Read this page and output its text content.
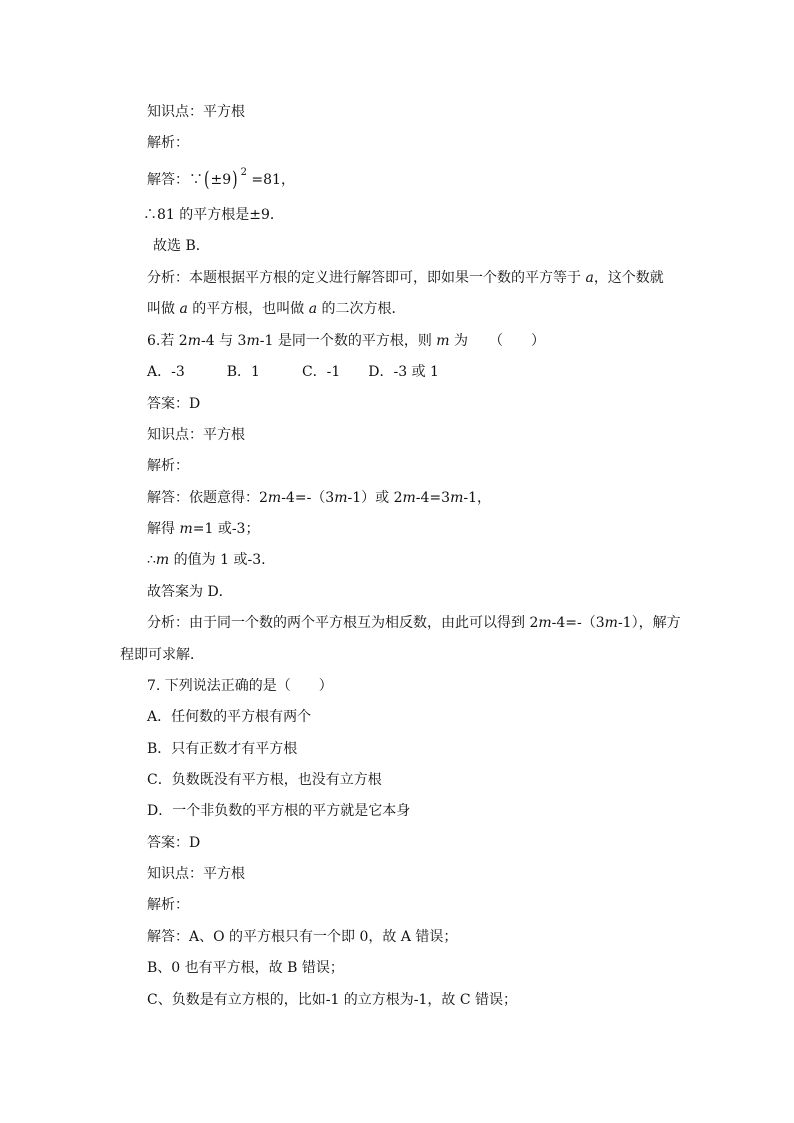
知识点：平方根
解析：
解答：∵(±9) $^2$ =81，
∴81 的平方根是±9．
故选 B．
分析：本题根据平方根的定义进行解答即可，即如果一个数的平方等于 a，这个数就
叫做 a 的平方根，也叫做 a 的二次方根．
6.若 2m-4 与 3m-1 是同一个数的平方根，则 m 为　　（　　）
A．-3　　　B．1　　　C．-1　　D．-3 或 1
答案：D
知识点：平方根
解析：
解答：依题意得：2m-4=-（3m-1）或 2m-4=3m-1，
解得 m=1 或-3；
∴m 的值为 1 或-3.
故答案为 D．
分析：由于同一个数的两个平方根互为相反数，由此可以得到 2m-4=-（3m-1），解方
程即可求解．
7. 下列说法正确的是（　　）
A．任何数的平方根有两个
B．只有正数才有平方根
C．负数既没有平方根，也没有立方根
D．一个非负数的平方根的平方就是它本身
答案：D
知识点：平方根
解析：
解答：A、O 的平方根只有一个即 0，故 A 错误；
B、0 也有平方根，故 B 错误；
C、负数是有立方根的，比如-1 的立方根为-1，故 C 错误；
